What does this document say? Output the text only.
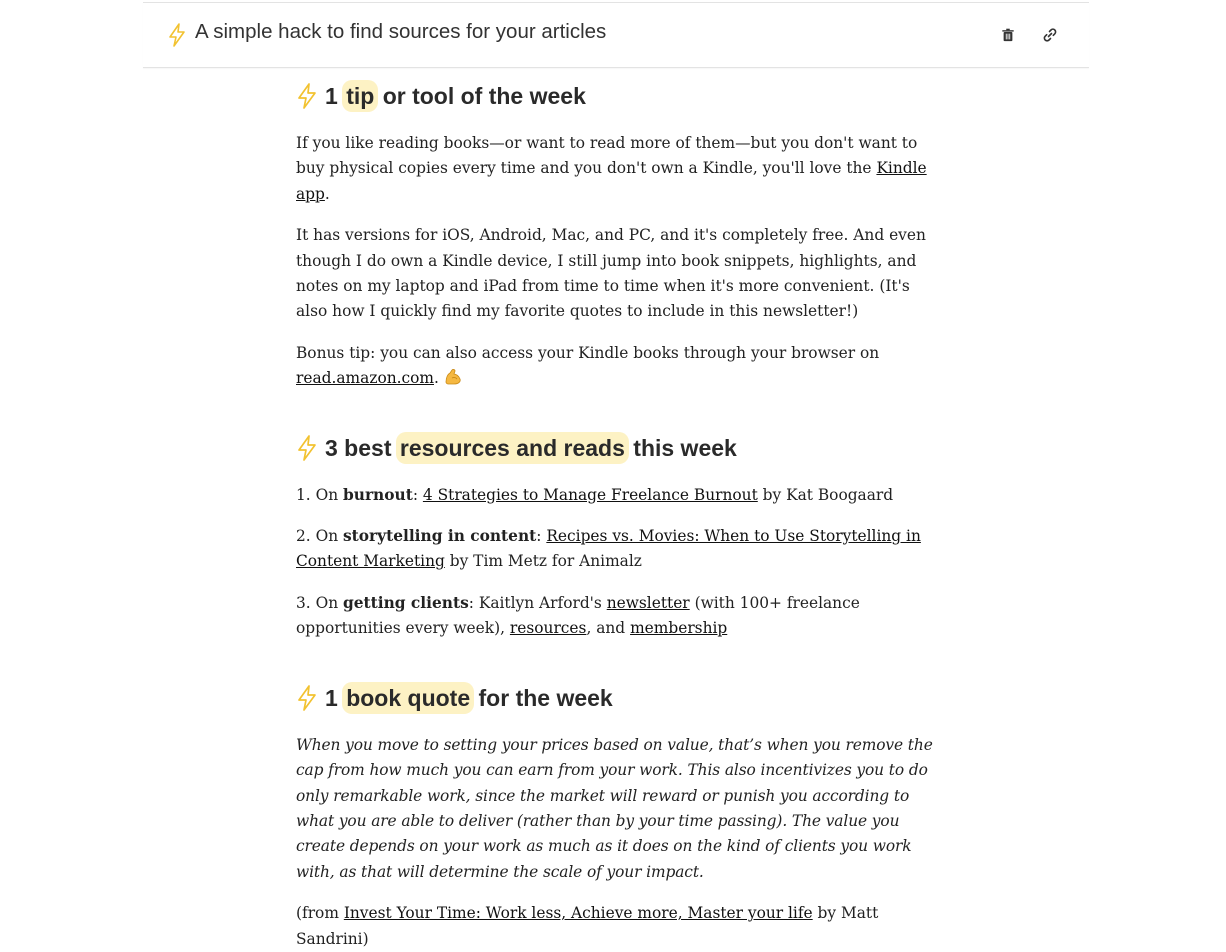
A simple hack to find sources for your articles
1
tip
or tool of the week

If you like reading books—or want to read more of them—but you don't want to buy physical copies every time and you don't own a Kindle, you'll love the Kindle app.

It has versions for iOS, Android, Mac, and PC, and it's completely free. And even though I do own a Kindle device, I still jump into book snippets, highlights, and notes on my laptop and iPad from time to time when it's more convenient. (It's also how I quickly find my favorite quotes to include in this newsletter!)

Bonus tip: you can also access your Kindle books through your browser on read.amazon.com.

3 best
resources and reads
this week

1. On burnout: 4 Strategies to Manage Freelance Burnout by Kat Boogaard

2. On storytelling in content: Recipes vs. Movies: When to Use Storytelling in Content Marketing by Tim Metz for Animalz

3. On getting clients: Kaitlyn Arford's newsletter (with 100+ freelance opportunities every week), resources, and membership

1
book quote
for the week

When you move to setting your prices based on value, that’s when you remove the cap from how much you can earn from your work. This also incentivizes you to do only remarkable work, since the market will reward or punish you according to what you are able to deliver (rather than by your time passing). The value you create depends on your work as much as it does on the kind of clients you work with, as that will determine the scale of your impact.

(from Invest Your Time: Work less, Achieve more, Master your life by Matt Sandrini)
